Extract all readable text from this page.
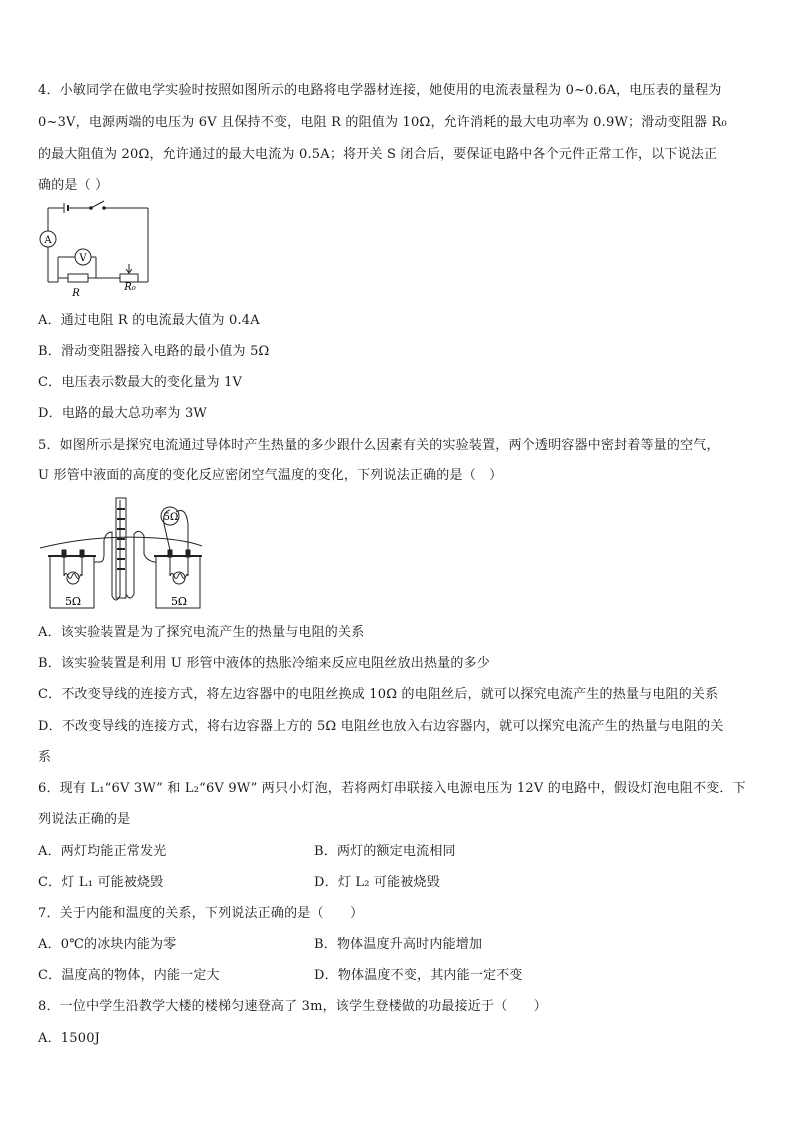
4．小敏同学在做电学实验时按照如图所示的电路将电学器材连接，她使用的电流表量程为 0~0.6A，电压表的量程为
0~3V，电源两端的电压为 6V 且保持不变，电阻 R 的阻值为 10Ω，允许消耗的最大电功率为 0.9W；滑动变阻器 R₀
的最大阻值为 20Ω，允许通过的最大电流为 0.5A；将开关 S 闭合后，要保证电路中各个元件正常工作，以下说法正
确的是（ ）
A
V
R
R₀
A．通过电阻 R 的电流最大值为 0.4A
B．滑动变阻器接入电路的最小值为 5Ω
C．电压表示数最大的变化量为 1V
D．电路的最大总功率为 3W
5．如图所示是探究电流通过导体时产生热量的多少跟什么因素有关的实验装置，两个透明容器中密封着等量的空气，
U 形管中液面的高度的变化反应密闭空气温度的变化，下列说法正确的是（　）
5Ω	5Ω
5Ω
A．该实验装置是为了探究电流产生的热量与电阻的关系
B．该实验装置是利用 U 形管中液体的热胀冷缩来反应电阻丝放出热量的多少
C．不改变导线的连接方式，将左边容器中的电阻丝换成 10Ω 的电阻丝后，就可以探究电流产生的热量与电阻的关系
D．不改变导线的连接方式，将右边容器上方的 5Ω 电阻丝也放入右边容器内，就可以探究电流产生的热量与电阻的关
系
6．现有 L₁“6V 3W” 和 L₂“6V 9W” 两只小灯泡，若将两灯串联接入电源电压为 12V 的电路中，假设灯泡电阻不变．下
列说法正确的是
A．两灯均能正常发光	B．两灯的额定电流相同
C．灯 L₁ 可能被烧毁	D．灯 L₂ 可能被烧毁
7．关于内能和温度的关系，下列说法正确的是（　　）
A．0℃的冰块内能为零	B．物体温度升高时内能增加
C．温度高的物体，内能一定大	D．物体温度不变，其内能一定不变
8．一位中学生沿教学大楼的楼梯匀速登高了 3m，该学生登楼做的功最接近于（　　）
A．1500J
